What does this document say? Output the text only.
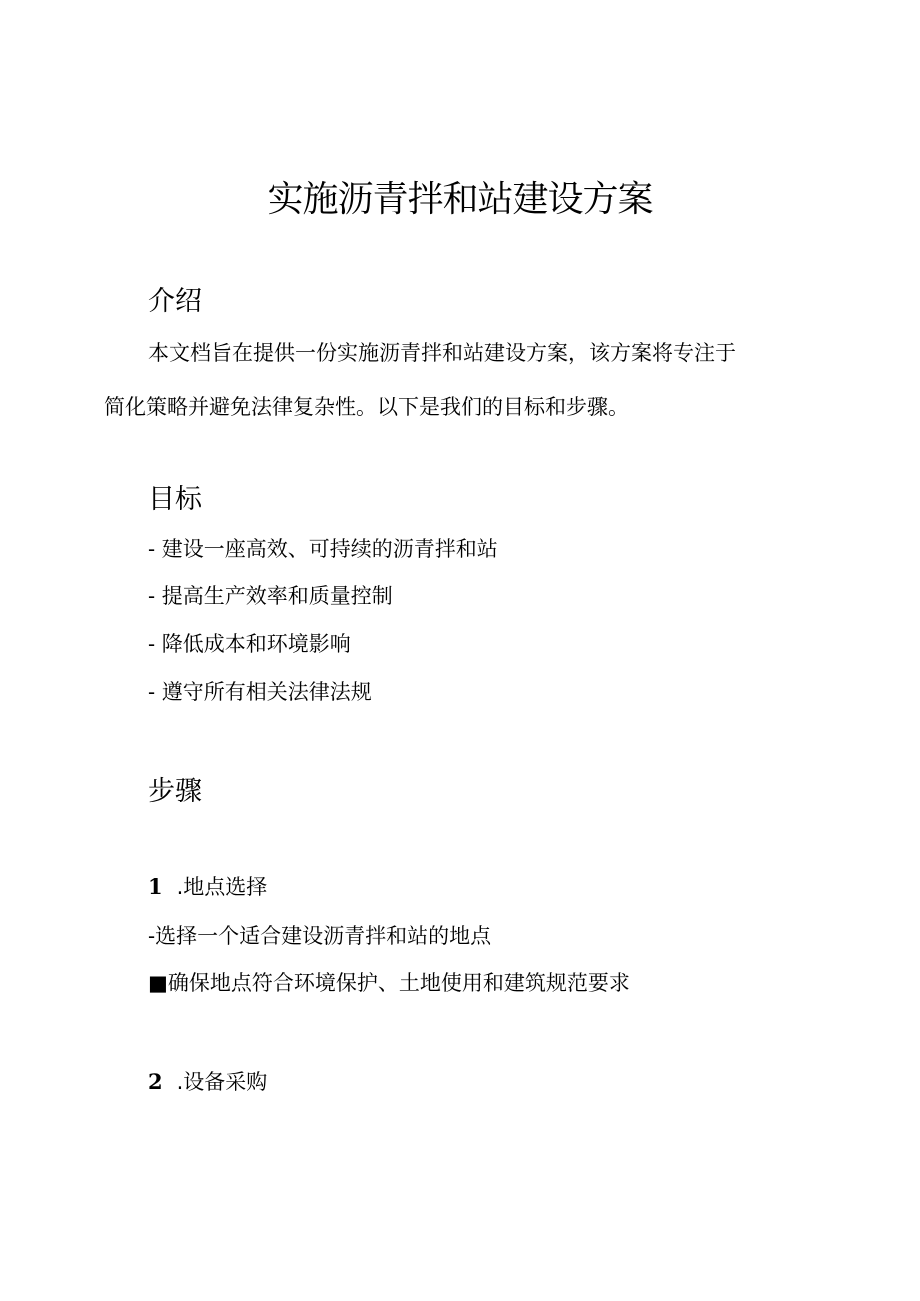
实施沥青拌和站建设方案
介绍
本文档旨在提供一份实施沥青拌和站建设方案，该方案将专注于
简化策略并避免法律复杂性。以下是我们的目标和步骤。
目标
- 建设一座高效、可持续的沥青拌和站
- 提高生产效率和质量控制
- 降低成本和环境影响
- 遵守所有相关法律法规
步骤
1 .地点选择
-选择一个适合建设沥青拌和站的地点
■确保地点符合环境保护、土地使用和建筑规范要求
2 .设备采购
